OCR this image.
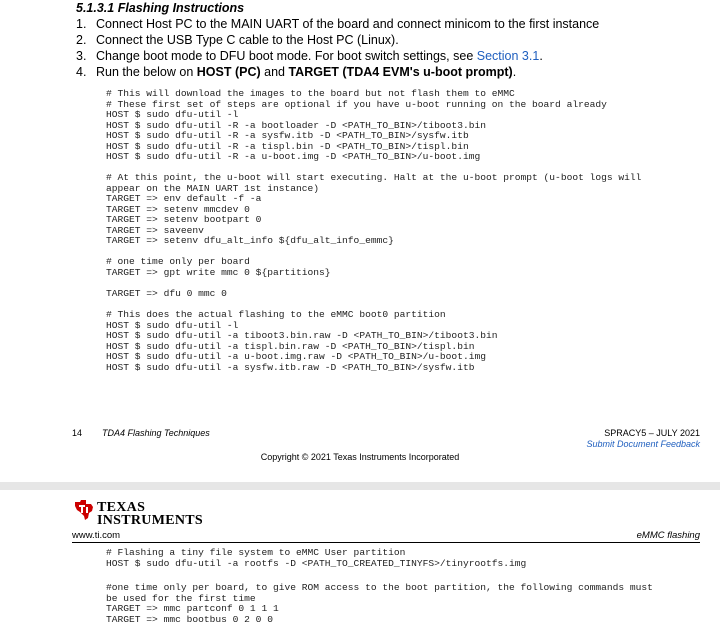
5.1.3.1 Flashing Instructions
1. Connect Host PC to the MAIN UART of the board and connect minicom to the first instance
2. Connect the USB Type C cable to the Host PC (Linux).
3. Change boot mode to DFU boot mode. For boot switch settings, see Section 3.1.
4. Run the below on HOST (PC) and TARGET (TDA4 EVM's u-boot prompt).
# This will download the images to the board but not flash them to eMMC
# These first set of steps are optional if you have u-boot running on the board already
HOST $ sudo dfu-util -l
HOST $ sudo dfu-util -R -a bootloader -D <PATH_TO_BIN>/tiboot3.bin
HOST $ sudo dfu-util -R -a sysfw.itb -D <PATH_TO_BIN>/sysfw.itb
HOST $ sudo dfu-util -R -a tispl.bin -D <PATH_TO_BIN>/tispl.bin
HOST $ sudo dfu-util -R -a u-boot.img -D <PATH_TO_BIN>/u-boot.img
# At this point, the u-boot will start executing. Halt at the u-boot prompt (u-boot logs will
appear on the MAIN UART 1st instance)
TARGET => env default -f -a
TARGET => setenv mmcdev 0
TARGET => setenv bootpart 0
TARGET => saveenv
TARGET => setenv dfu_alt_info ${dfu_alt_info_emmc}
# one time only per board
TARGET => gpt write mmc 0 ${partitions}
TARGET => dfu 0 mmc 0
# This does the actual flashing to the eMMC boot0 partition
HOST $ sudo dfu-util -l
HOST $ sudo dfu-util -a tiboot3.bin.raw -D <PATH_TO_BIN>/tiboot3.bin
HOST $ sudo dfu-util -a tispl.bin.raw -D <PATH_TO_BIN>/tispl.bin
HOST $ sudo dfu-util -a u-boot.img.raw -D <PATH_TO_BIN>/u-boot.img
HOST $ sudo dfu-util -a sysfw.itb.raw -D <PATH_TO_BIN>/sysfw.itb
14 TDA4 Flashing Techniques	SPRACY5 – JULY 2021
Submit Document Feedback
Copyright © 2021 Texas Instruments Incorporated
TEXAS
INSTRUMENTS
www.ti.com	eMMC flashing
# Flashing a tiny file system to eMMC User partition
HOST $ sudo dfu-util -a rootfs -D <PATH_TO_CREATED_TINYFS>/tinyrootfs.img
#one time only per board, to give ROM access to the boot partition, the following commands must
be used for the first time
TARGET => mmc partconf 0 1 1 1
TARGET => mmc bootbus 0 2 0 0
